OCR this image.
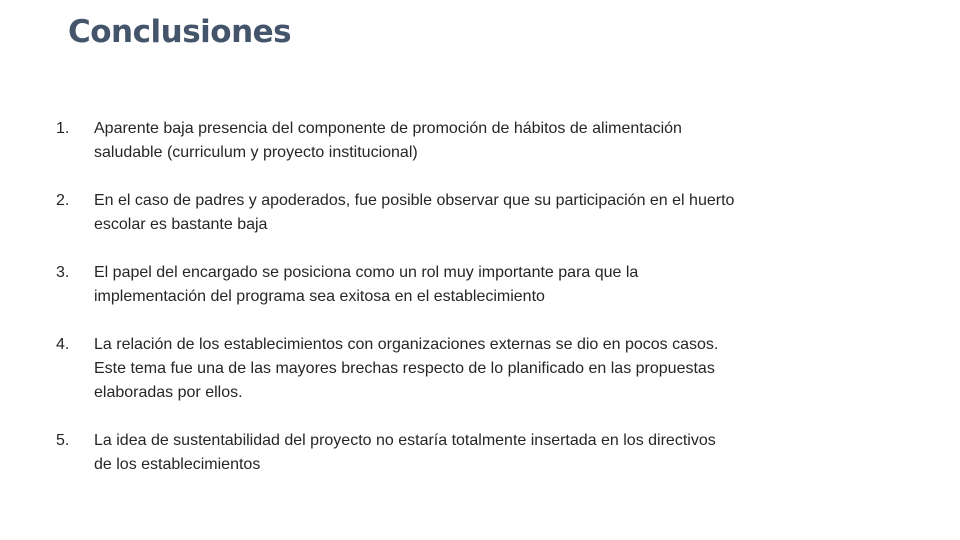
Conclusiones
1.	Aparente baja presencia del componente de promoción de hábitos de alimentación
saludable (curriculum y proyecto institucional)
2.	En el caso de padres y apoderados, fue posible observar que su participación en el huerto
escolar es bastante baja
3.	El papel del encargado se posiciona como un rol muy importante para que la
implementación del programa sea exitosa en el establecimiento
4.	La relación de los establecimientos con organizaciones externas se dio en pocos casos.
Este tema fue una de las mayores brechas respecto de lo planificado en las propuestas
elaboradas por ellos.
5.	La idea de sustentabilidad del proyecto no estaría totalmente insertada en los directivos
de los establecimientos
